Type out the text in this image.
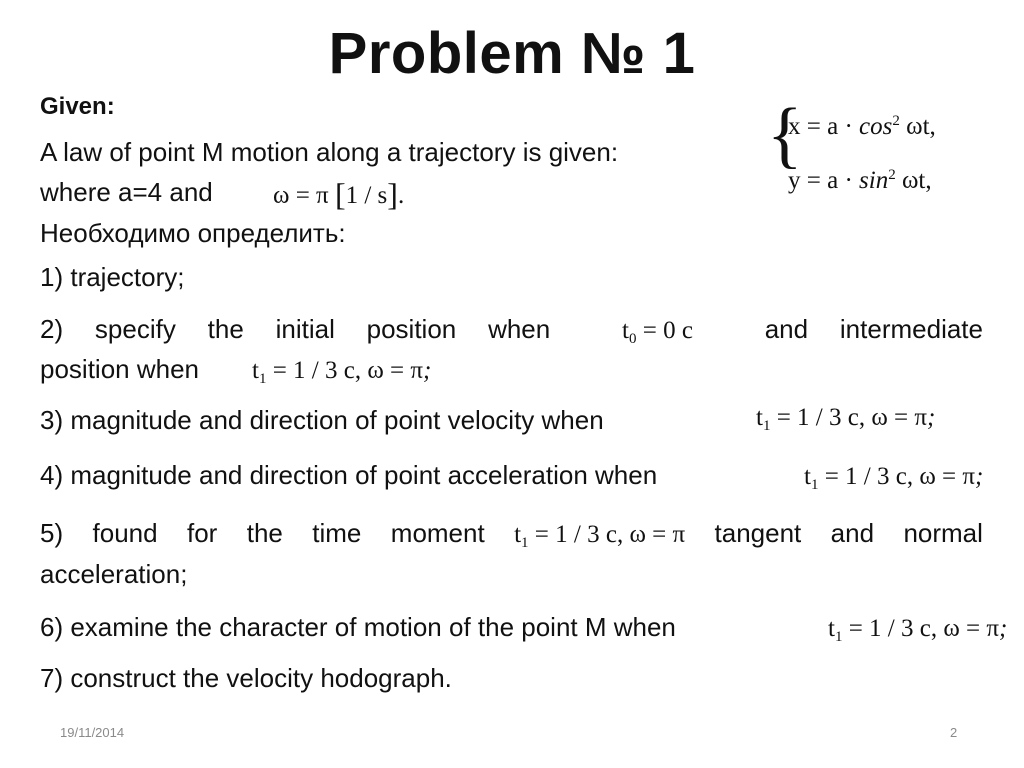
Problem № 1
Given:	{
$x = a \cdot \cos^2 \omega t$,
$y = a \cdot \sin^2 \omega t$,
A law of point M motion along a trajectory is given:
where a=4 and ω = π [1 / s].
Необходимо определить:
1) trajectory;
2) specify the initial position when	$t_0 = 0$ c	and intermediate
position when $t_1 = 1 / 3$ c, ω = π;
3) magnitude and direction of point velocity when	$t_1 = 1 / 3$ c, ω = π;
4) magnitude and direction of point acceleration when	$t_1 = 1 / 3$ c, ω = π;
5) found for the time moment $t_1 = 1 / 3$ c, ω = π tangent and normal
acceleration;
6) examine the character of motion of the point M when	$t_1 = 1 / 3$ c, ω = π;
7) construct the velocity hodograph.
19/11/2014	2
